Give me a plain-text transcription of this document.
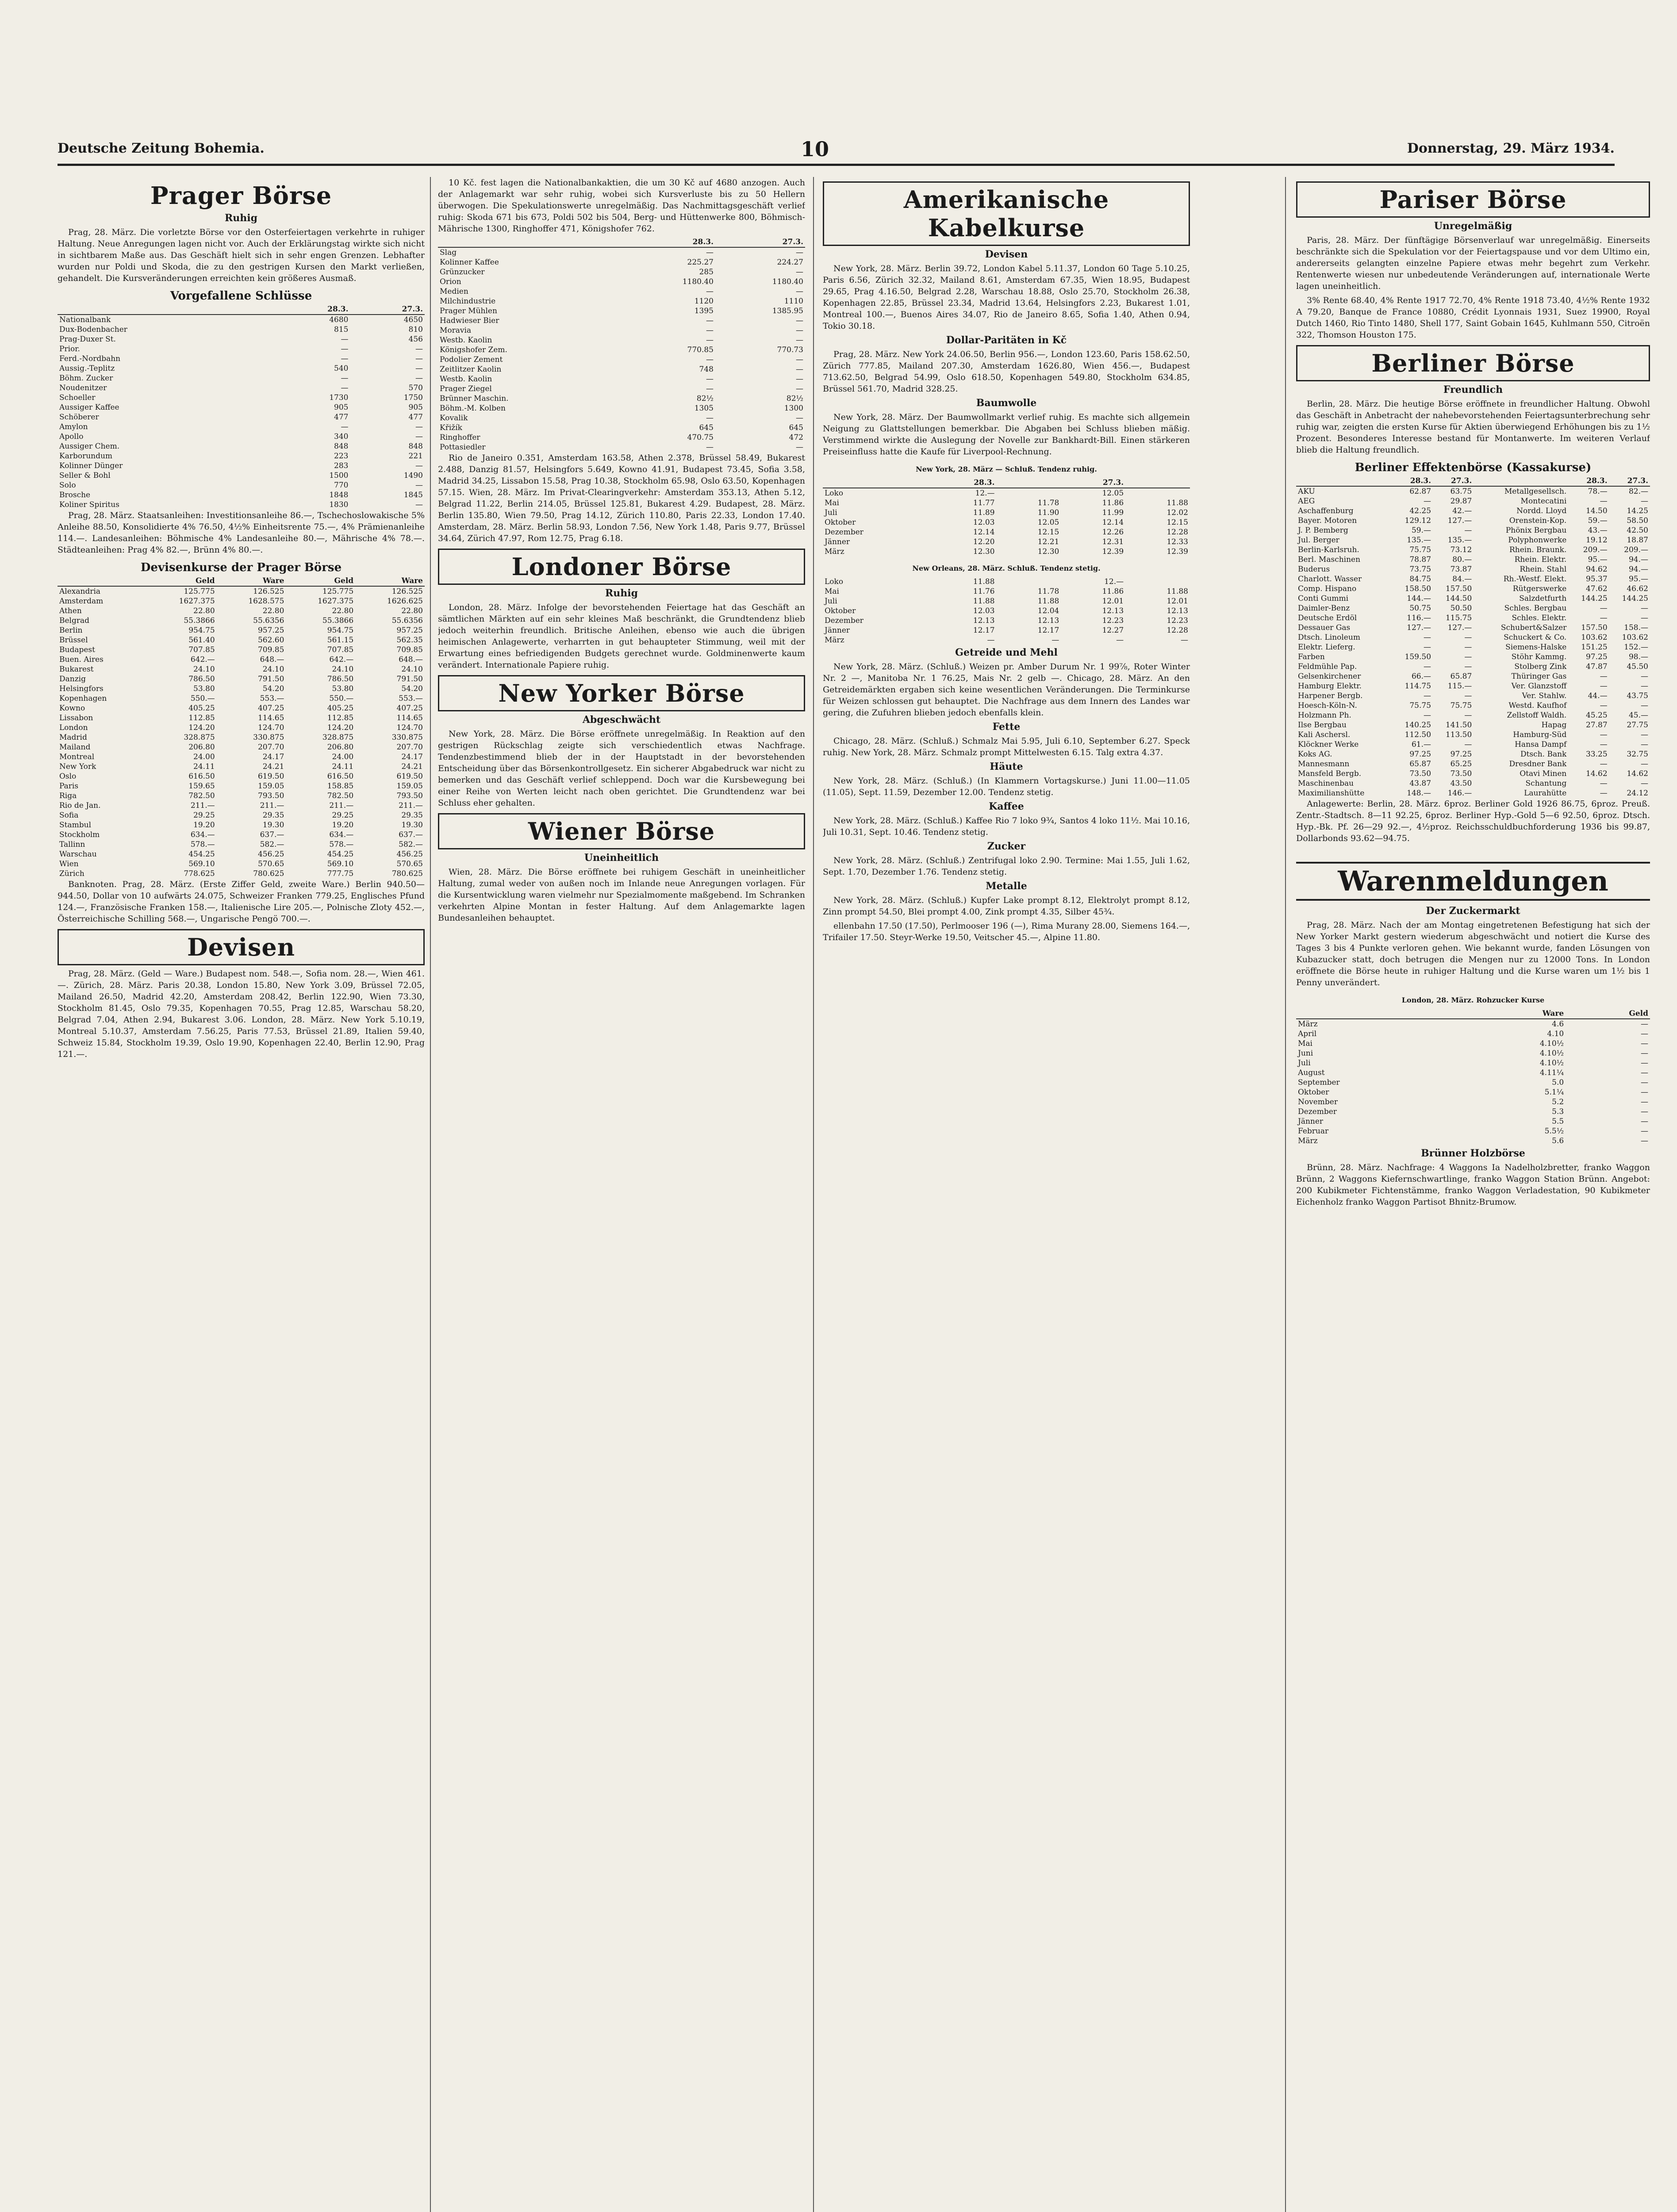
Deutsche Zeitung Bohemia.	10	Donnerstag, 29. März 1934.
Prager Börse
Ruhig

Prag, 28. März. Die vorletzte Börse vor den Osterfeiertagen verkehrte in ruhiger Haltung. Neue Anregungen lagen nicht vor. Auch der Erklärungstag wirkte sich nicht in sichtbarem Maße aus. Das Geschäft hielt sich in sehr engen Grenzen. Lebhafter wurden nur Poldi und Skoda, die zu den gestrigen Kursen den Markt verließen, gehandelt. Die Kursveränderungen erreichten kein größeres Ausmaß.

Vorgefallene Schlüsse
	28.3.	27.3.
Nationalbank	4680	4650
Dux-Bodenbacher	815	810
Prag-Duxer St.	—	456
Prior.	—	—
Ferd.-Nordbahn	—	—
Aussig.-Teplitz	540	—
Böhm. Zucker	—	—
Noudenitzer	—	570
Schoeller	1730	1750
Aussiger Kaffee	905	905
Schöberer	477	477
Amylon	—	—
Apollo	340	—
Aussiger Chem.	848	848
Karborundum	223	221
Kolinner Dünger	283	—
Seller & Bohl	1500	1490
Solo	770	—
Brosche	1848	1845
Koliner Spiritus	1830	—

Prag, 28. März. Staatsanleihen: Investitionsanleihe 86.—, Tschechoslowakische 5% Anleihe 88.50, Konsolidierte 4% 76.50, 4½% Einheitsrente 75.—, 4% Prämienanleihe 114.—. Landesanleihen: Böhmische 4% Landesanleihe 80.—, Mährische 4% 78.—. Städteanleihen: Prag 4% 82.—, Brünn 4% 80.—.

Devisenkurse der Prager Börse
	Geld	Ware	Geld	Ware
Alexandria	125.775	126.525	125.775	126.525
Amsterdam	1627.375	1628.575	1627.375	1626.625
Athen	22.80	22.80	22.80	22.80
Belgrad	55.3866	55.6356	55.3866	55.6356
Berlin	954.75	957.25	954.75	957.25
Brüssel	561.40	562.60	561.15	562.35
Budapest	707.85	709.85	707.85	709.85
Buen. Aires	642.—	648.—	642.—	648.—
Bukarest	24.10	24.10	24.10	24.10
Danzig	786.50	791.50	786.50	791.50
Helsingfors	53.80	54.20	53.80	54.20
Kopenhagen	550.—	553.—	550.—	553.—
Kowno	405.25	407.25	405.25	407.25
Lissabon	112.85	114.65	112.85	114.65
London	124.20	124.70	124.20	124.70
Madrid	328.875	330.875	328.875	330.875
Mailand	206.80	207.70	206.80	207.70
Montreal	24.00	24.17	24.00	24.17
New York	24.11	24.21	24.11	24.21
Oslo	616.50	619.50	616.50	619.50
Paris	159.65	159.05	158.85	159.05
Riga	782.50	793.50	782.50	793.50
Rio de Jan.	211.—	211.—	211.—	211.—
Sofia	29.25	29.35	29.25	29.35
Stambul	19.20	19.30	19.20	19.30
Stockholm	634.—	637.—	634.—	637.—
Tallinn	578.—	582.—	578.—	582.—
Warschau	454.25	456.25	454.25	456.25
Wien	569.10	570.65	569.10	570.65
Zürich	778.625	780.625	777.75	780.625

Banknoten. Prag, 28. März. (Erste Ziffer Geld, zweite Ware.) Berlin 940.50—944.50, Dollar von 10 aufwärts 24.075, Schweizer Franken 779.25, Englisches Pfund 124.—, Französische Franken 158.—, Italienische Lire 205.—, Polnische Zloty 452.—, Österreichische Schilling 568.—, Ungarische Pengö 700.—.

Devisen

Prag, 28. März. (Geld — Ware.) Budapest nom. 548.—, Sofia nom. 28.—, Wien 461.—. Zürich, 28. März. Paris 20.38, London 15.80, New York 3.09, Brüssel 72.05, Mailand 26.50, Madrid 42.20, Amsterdam 208.42, Berlin 122.90, Wien 73.30, Stockholm 81.45, Oslo 79.35, Kopenhagen 70.55, Prag 12.85, Warschau 58.20, Belgrad 7.04, Athen 2.94, Bukarest 3.06. London, 28. März. New York 5.10.19, Montreal 5.10.37, Amsterdam 7.56.25, Paris 77.53, Brüssel 21.89, Italien 59.40, Schweiz 15.84, Stockholm 19.39, Oslo 19.90, Kopenhagen 22.40, Berlin 12.90, Prag 121.—.

10 Kč. fest lagen die Nationalbankaktien, die um 30 Kč auf 4680 anzogen. Auch der Anlagemarkt war sehr ruhig, wobei sich Kursverluste bis zu 50 Hellern überwogen. Die Spekulationswerte unregelmäßig. Das Nachmittagsgeschäft verlief ruhig: Skoda 671 bis 673, Poldi 502 bis 504, Berg- und Hüttenwerke 800, Böhmisch-Mährische 1300, Ringhoffer 471, Königshofer 762.

	28.3.	27.3.
Slag	—	—
Kolinner Kaffee	225.27	224.27
Grünzucker	285	—
Orion	1180.40	1180.40
Medien	—	—
Milchindustrie	1120	1110
Prager Mühlen	1395	1385.95
Hadwieser Bier	—	—
Moravia	—	—
Westb. Kaolin	—	—
Königshofer Zem.	770.85	770.73
Podolier Zement	—	—
Zeitlitzer Kaolin	748	—
Westb. Kaolin	—	—
Prager Ziegel	—	—
Brünner Maschin.	82½	82½
Böhm.-M. Kolben	1305	1300
Kovalik	—	—
Křižík	645	645
Ringhoffer	470.75	472
Pottasiedler	—	—

Rio de Janeiro 0.351, Amsterdam 163.58, Athen 2.378, Brüssel 58.49, Bukarest 2.488, Danzig 81.57, Helsingfors 5.649, Kowno 41.91, Budapest 73.45, Sofia 3.58, Madrid 34.25, Lissabon 15.58, Prag 10.38, Stockholm 65.98, Oslo 63.50, Kopenhagen 57.15. Wien, 28. März. Im Privat-Clearingverkehr: Amsterdam 353.13, Athen 5.12, Belgrad 11.22, Berlin 214.05, Brüssel 125.81, Bukarest 4.29. Budapest, 28. März. Berlin 135.80, Wien 79.50, Prag 14.12, Zürich 110.80, Paris 22.33, London 17.40. Amsterdam, 28. März. Berlin 58.93, London 7.56, New York 1.48, Paris 9.77, Brüssel 34.64, Zürich 47.97, Rom 12.75, Prag 6.18.

Londoner Börse
Ruhig

London, 28. März. Infolge der bevorstehenden Feiertage hat das Geschäft an sämtlichen Märkten auf ein sehr kleines Maß beschränkt, die Grundtendenz blieb jedoch weiterhin freundlich. Britische Anleihen, ebenso wie auch die übrigen heimischen Anlagewerte, verharrten in gut behaupteter Stimmung, weil mit der Erwartung eines befriedigenden Budgets gerechnet wurde. Goldminenwerte kaum verändert. Internationale Papiere ruhig.

New Yorker Börse
Abgeschwächt

New York, 28. März. Die Börse eröffnete unregelmäßig. In Reaktion auf den gestrigen Rückschlag zeigte sich verschiedentlich etwas Nachfrage. Tendenzbestimmend blieb der in der Hauptstadt in der bevorstehenden Entscheidung über das Börsenkontrollgesetz. Ein sicherer Abgabedruck war nicht zu bemerken und das Geschäft verlief schleppend. Doch war die Kursbewegung bei einer Reihe von Werten leicht nach oben gerichtet. Die Grundtendenz war bei Schluss eher gehalten.

Wiener Börse
Uneinheitlich

Wien, 28. März. Die Börse eröffnete bei ruhigem Geschäft in uneinheitlicher Haltung, zumal weder von außen noch im Inlande neue Anregungen vorlagen. Für die Kursentwicklung waren vielmehr nur Spezialmomente maßgebend. Im Schranken verkehrten Alpine Montan in fester Haltung. Auf dem Anlagemarkte lagen Bundesanleihen behauptet.

Amerikanische Kabelkurse
Devisen

New York, 28. März. Berlin 39.72, London Kabel 5.11.37, London 60 Tage 5.10.25, Paris 6.56, Zürich 32.32, Mailand 8.61, Amsterdam 67.35, Wien 18.95, Budapest 29.65, Prag 4.16.50, Belgrad 2.28, Warschau 18.88, Oslo 25.70, Stockholm 26.38, Kopenhagen 22.85, Brüssel 23.34, Madrid 13.64, Helsingfors 2.23, Bukarest 1.01, Montreal 100.—, Buenos Aires 34.07, Rio de Janeiro 8.65, Sofia 1.40, Athen 0.94, Tokio 30.18.

Dollar-Paritäten in Kč

Prag, 28. März. New York 24.06.50, Berlin 956.—, London 123.60, Paris 158.62.50, Zürich 777.85, Mailand 207.30, Amsterdam 1626.80, Wien 456.—, Budapest 713.62.50, Belgrad 54.99, Oslo 618.50, Kopenhagen 549.80, Stockholm 634.85, Brüssel 561.70, Madrid 328.25.

Baumwolle

New York, 28. März. Der Baumwollmarkt verlief ruhig. Es machte sich allgemein Neigung zu Glattstellungen bemerkbar. Die Abgaben bei Schluss blieben mäßig. Verstimmend wirkte die Auslegung der Novelle zur Bankhardt-Bill. Einen stärkeren Preiseinfluss hatte die Kaufe für Liverpool-Rechnung.

New York, 28. März — Schluß. Tendenz ruhig.
	28.3.		27.3.	
Loko	12.—		12.05	
Mai	11.77	11.78	11.86	11.88
Juli	11.89	11.90	11.99	12.02
Oktober	12.03	12.05	12.14	12.15
Dezember	12.14	12.15	12.26	12.28
Jänner	12.20	12.21	12.31	12.33
März	12.30	12.30	12.39	12.39
New Orleans, 28. März. Schluß. Tendenz stetig.
Loko	11.88		12.—	
Mai	11.76	11.78	11.86	11.88
Juli	11.88	11.88	12.01	12.01
Oktober	12.03	12.04	12.13	12.13
Dezember	12.13	12.13	12.23	12.23
Jänner	12.17	12.17	12.27	12.28
März	—	—	—	—
Getreide und Mehl

New York, 28. März. (Schluß.) Weizen pr. Amber Durum Nr. 1 99⅞, Roter Winter Nr. 2 —, Manitoba Nr. 1 76.25, Mais Nr. 2 gelb —. Chicago, 28. März. An den Getreidemärkten ergaben sich keine wesentlichen Veränderungen. Die Terminkurse für Weizen schlossen gut behauptet. Die Nachfrage aus dem Innern des Landes war gering, die Zufuhren blieben jedoch ebenfalls klein.

Fette

Chicago, 28. März. (Schluß.) Schmalz Mai 5.95, Juli 6.10, September 6.27. Speck ruhig. New York, 28. März. Schmalz prompt Mittelwesten 6.15. Talg extra 4.37.

Häute

New York, 28. März. (Schluß.) (In Klammern Vortagskurse.) Juni 11.00—11.05 (11.05), Sept. 11.59, Dezember 12.00. Tendenz stetig.

Kaffee

New York, 28. März. (Schluß.) Kaffee Rio 7 loko 9¾, Santos 4 loko 11½. Mai 10.16, Juli 10.31, Sept. 10.46. Tendenz stetig.

Zucker

New York, 28. März. (Schluß.) Zentrifugal loko 2.90. Termine: Mai 1.55, Juli 1.62, Sept. 1.70, Dezember 1.76. Tendenz stetig.

Metalle

New York, 28. März. (Schluß.) Kupfer Lake prompt 8.12, Elektrolyt prompt 8.12, Zinn prompt 54.50, Blei prompt 4.00, Zink prompt 4.35, Silber 45¾.

ellenbahn 17.50 (17.50), Perlmooser 196 (—), Rima Murany 28.00, Siemens 164.—, Trifailer 17.50. Steyr-Werke 19.50, Veitscher 45.—, Alpine 11.80.

Pariser Börse
Unregelmäßig

Paris, 28. März. Der fünftägige Börsenverlauf war unregelmäßig. Einerseits beschränkte sich die Spekulation vor der Feiertagspause und vor dem Ultimo ein, andererseits gelangten einzelne Papiere etwas mehr begehrt zum Verkehr. Rentenwerte wiesen nur unbedeutende Veränderungen auf, internationale Werte lagen uneinheitlich.

3% Rente 68.40, 4% Rente 1917 72.70, 4% Rente 1918 73.40, 4½% Rente 1932 A 79.20, Banque de France 10880, Crédit Lyonnais 1931, Suez 19900, Royal Dutch 1460, Rio Tinto 1480, Shell 177, Saint Gobain 1645, Kuhlmann 550, Citroën 322, Thomson Houston 175.

Berliner Börse
Freundlich

Berlin, 28. März. Die heutige Börse eröffnete in freundlicher Haltung. Obwohl das Geschäft in Anbetracht der nahebevorstehenden Feiertagsunterbrechung sehr ruhig war, zeigten die ersten Kurse für Aktien überwiegend Erhöhungen bis zu 1½ Prozent. Besonderes Interesse bestand für Montanwerte. Im weiteren Verlauf blieb die Haltung freundlich.

Berliner Effektenbörse (Kassakurse)
	28.3.	27.3.		28.3.	27.3.
AKU	62.87	63.75	Metallgesellsch.	78.—	82.—
AEG	—	29.87	Montecatini	—	—
Aschaffenburg	42.25	42.—	Nordd. Lloyd	14.50	14.25
Bayer. Motoren	129.12	127.—	Orenstein-Kop.	59.—	58.50
J. P. Bemberg	59.—	—	Phönix Bergbau	43.—	42.50
Jul. Berger	135.—	135.—	Polyphonwerke	19.12	18.87
Berlin-Karlsruh.	75.75	73.12	Rhein. Braunk.	209.—	209.—
Berl. Maschinen	78.87	80.—	Rhein. Elektr.	95.—	94.—
Buderus	73.75	73.87	Rhein. Stahl	94.62	94.—
Charlott. Wasser	84.75	84.—	Rh.-Westf. Elekt.	95.37	95.—
Comp. Hispano	158.50	157.50	Rütgerswerke	47.62	46.62
Conti Gummi	144.—	144.50	Salzdetfurth	144.25	144.25
Daimler-Benz	50.75	50.50	Schles. Bergbau	—	—
Deutsche Erdöl	116.—	115.75	Schles. Elektr.	—	—
Dessauer Gas	127.—	127.—	Schubert&Salzer	157.50	158.—
Dtsch. Linoleum	—	—	Schuckert & Co.	103.62	103.62
Elektr. Lieferg.	—	—	Siemens-Halske	151.25	152.—
Farben	159.50	—	Stöhr Kammg.	97.25	98.—
Feldmühle Pap.	—	—	Stolberg Zink	47.87	45.50
Gelsenkirchener	66.—	65.87	Thüringer Gas	—	—
Hamburg Elektr.	114.75	115.—	Ver. Glanzstoff	—	—
Harpener Bergb.	—	—	Ver. Stahlw.	44.—	43.75
Hoesch-Köln-N.	75.75	75.75	Westd. Kaufhof	—	—
Holzmann Ph.	—	—	Zellstoff Waldh.	45.25	45.—
Ilse Bergbau	140.25	141.50	Hapag	27.87	27.75
Kali Aschersl.	112.50	113.50	Hamburg-Süd	—	—
Klöckner Werke	61.—	—	Hansa Dampf	—	—
Koks AG.	97.25	97.25	Dtsch. Bank	33.25	32.75
Mannesmann	65.87	65.25	Dresdner Bank	—	—
Mansfeld Bergb.	73.50	73.50	Otavi Minen	14.62	14.62
Maschinenbau	43.87	43.50	Schantung	—	—
Maximilianshütte	148.—	146.—	Laurahütte	—	24.12

Anlagewerte: Berlin, 28. März. 6proz. Berliner Gold 1926 86.75, 6proz. Preuß. Zentr.-Stadtsch. 8—11 92.25, 6proz. Berliner Hyp.-Gold 5—6 92.50, 6proz. Dtsch. Hyp.-Bk. Pf. 26—29 92.—, 4½proz. Reichsschuldbuchforderung 1936 bis 99.87, Dollarbonds 93.62—94.75.

Warenmeldungen
Der Zuckermarkt

Prag, 28. März. Nach der am Montag eingetretenen Befestigung hat sich der New Yorker Markt gestern wiederum abgeschwächt und notiert die Kurse des Tages 3 bis 4 Punkte verloren gehen. Wie bekannt wurde, fanden Lösungen von Kubazucker statt, doch betrugen die Mengen nur zu 12000 Tons. In London eröffnete die Börse heute in ruhiger Haltung und die Kurse waren um 1½ bis 1 Penny unverändert.

London, 28. März. Rohzucker Kurse
	Ware	Geld
März	4.6	—
April	4.10	—
Mai	4.10½	—
Juni	4.10½	—
Juli	4.10½	—
August	4.11¼	—
September	5.0	—
Oktober	5.1¼	—
November	5.2	—
Dezember	5.3	—
Jänner	5.5	—
Februar	5.5½	—
März	5.6	—
Brünner Holzbörse

Brünn, 28. März. Nachfrage: 4 Waggons Ia Nadelholzbretter, franko Waggon Brünn, 2 Waggons Kiefernschwartlinge, franko Waggon Station Brünn. Angebot: 200 Kubikmeter Fichtenstämme, franko Waggon Verladestation, 90 Kubikmeter Eichenholz franko Waggon Partisot Bhnitz-Brumow.
